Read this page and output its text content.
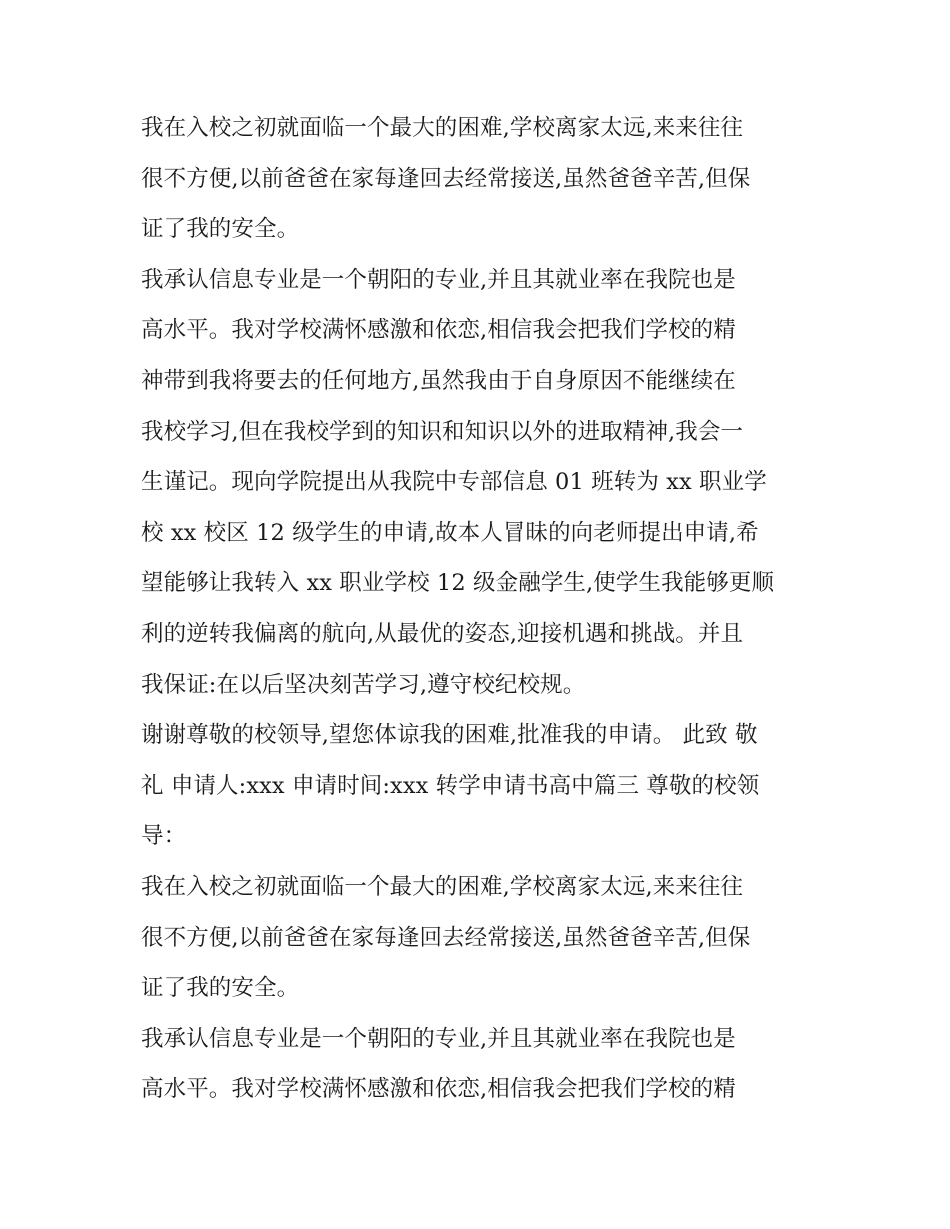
我在入校之初就面临一个最大的困难,学校离家太远,来来往往
很不方便,以前爸爸在家每逢回去经常接送,虽然爸爸辛苦,但保
证了我的安全。
我承认信息专业是一个朝阳的专业,并且其就业率在我院也是
高水平。我对学校满怀感激和依恋,相信我会把我们学校的精
神带到我将要去的任何地方,虽然我由于自身原因不能继续在
我校学习,但在我校学到的知识和知识以外的进取精神,我会一
生谨记。现向学院提出从我院中专部信息 01 班转为 xx 职业学
校 xx 校区 12 级学生的申请,故本人冒昧的向老师提出申请,希
望能够让我转入 xx 职业学校 12 级金融学生,使学生我能够更顺
利的逆转我偏离的航向,从最优的姿态,迎接机遇和挑战。并且
我保证:在以后坚决刻苦学习,遵守校纪校规。
谢谢尊敬的校领导,望您体谅我的困难,批准我的申请。 此致 敬
礼 申请人:xxx 申请时间:xxx 转学申请书高中篇三 尊敬的校领
导：
我在入校之初就面临一个最大的困难,学校离家太远,来来往往
很不方便,以前爸爸在家每逢回去经常接送,虽然爸爸辛苦,但保
证了我的安全。
我承认信息专业是一个朝阳的专业,并且其就业率在我院也是
高水平。我对学校满怀感激和依恋,相信我会把我们学校的精
